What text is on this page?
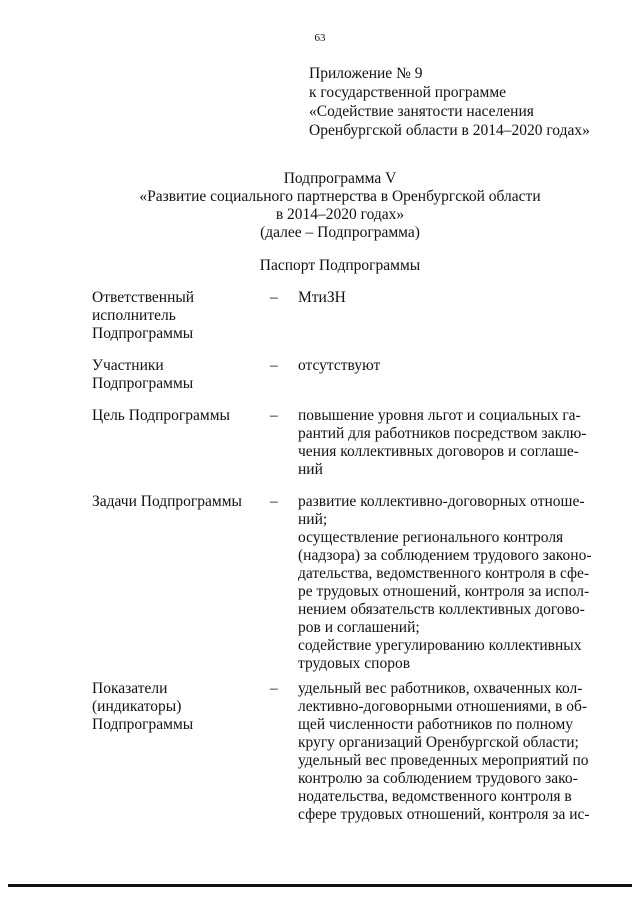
63
Приложение № 9
к государственной программе
«Содействие занятости населения
Оренбургской области в 2014–2020 годах»
Подпрограмма V
«Развитие социального партнерства в Оренбургской области
в 2014–2020 годах»
(далее – Подпрограмма)
Паспорт Подпрограммы
Ответственный
исполнитель
Подпрограммы
– МтиЗН
Участники
Подпрограммы
– отсутствуют
Цель Подпрограммы	– повышение уровня льгот и социальных га-
рантий для работников посредством заклю-
чения коллективных договоров и соглаше-
ний
Задачи Подпрограммы	– развитие коллективно-договорных отноше-
ний;
осуществление регионального контроля
(надзора) за соблюдением трудового законо-
дательства, ведомственного контроля в сфе-
ре трудовых отношений, контроля за испол-
нением обязательств коллективных догово-
ров и соглашений;
содействие урегулированию коллективных
трудовых споров
Показатели
(индикаторы)
Подпрограммы
– удельный вес работников, охваченных кол-
лективно-договорными отношениями, в об-
щей численности работников по полному
кругу организаций Оренбургской области;
удельный вес проведенных мероприятий по
контролю за соблюдением трудового зако-
нодательства, ведомственного контроля в
сфере трудовых отношений, контроля за ис-
